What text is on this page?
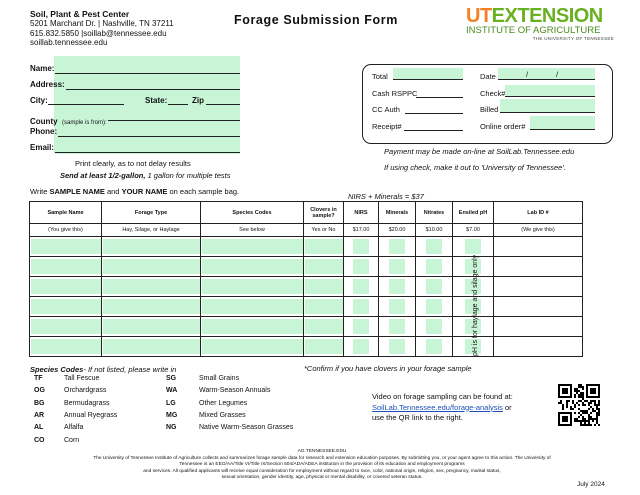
Soil, Plant & Pest Center
5201 Marchant Dr. | Nashville, TN 37211
615.832.5850 |soillab@tennessee.edu
soillab.tennessee.edu
Forage Submission Form	UTEXTENSION
INSTITUTE OF AGRICULTURE
THE UNIVERSITY OF TENNESSEE
Name:
Address:
City:	State:	Zip
County (sample is from):
Phone:
Email:
Print clearly, as to not delay results
Send at least 1/2-gallon, 1 gallon for multiple tests
Total	Date	/	/
Cash RSPPC	Check#
CC Auth	Billed
Receipt#	Online order#
Payment may be made on-line at SoilLab.Tennessee.edu
If using check, make it out to 'University of Tennessee'.
Write SAMPLE NAME and YOUR NAME on each sample bag.
NIRS + Minerals = $37
Sample Name	Forage Type	Species Codes	Clovers in sample?	NIRS	Minerals	Nitrates	Ensiled pH	Lab ID #
(You give this)	Hay, Silage, or Haylage	See below	Yes or No	$17.00	$20.00	$10.00	$7.00	(We give this)

pH is for haylage and silage only
Species Codes- If not listed, please write in	*Confirm if you have clovers in your forage sample
TF	Tall Fescue
OG	Orchardgrass
BG	Bermudagrass
AR	Annual Ryegrass
AL	Alfalfa
CO	Corn
SG	Small Grains
WA	Warm-Season Annuals
LG	Other Legumes
MG	Mixed Grasses
NG	Native Warm-Season Grasses
Video on forage sampling can be found at:
SoilLab.Tennessee.edu/forage-analysis or
use the QR link to the right.
AG.TENNESSEE.EDU
The University of Tennessee Institute of Agriculture collects and summarizes forage sample data for research and extension education purposes. By submitting you, or your agent agree to this action. The University of
Tennessee is an EEO/AA/Title VI/Title IX/Section 504/ADA/ADEA institution in the provision of its education and employment programs
and services. All qualified applicants will receive equal consideration for employment without regard to race, color, national origin, religion, sex, pregnancy, marital status,
sexual orientation, gender identity, age, physical or mental disability, or covered veteran status.
July 2024
